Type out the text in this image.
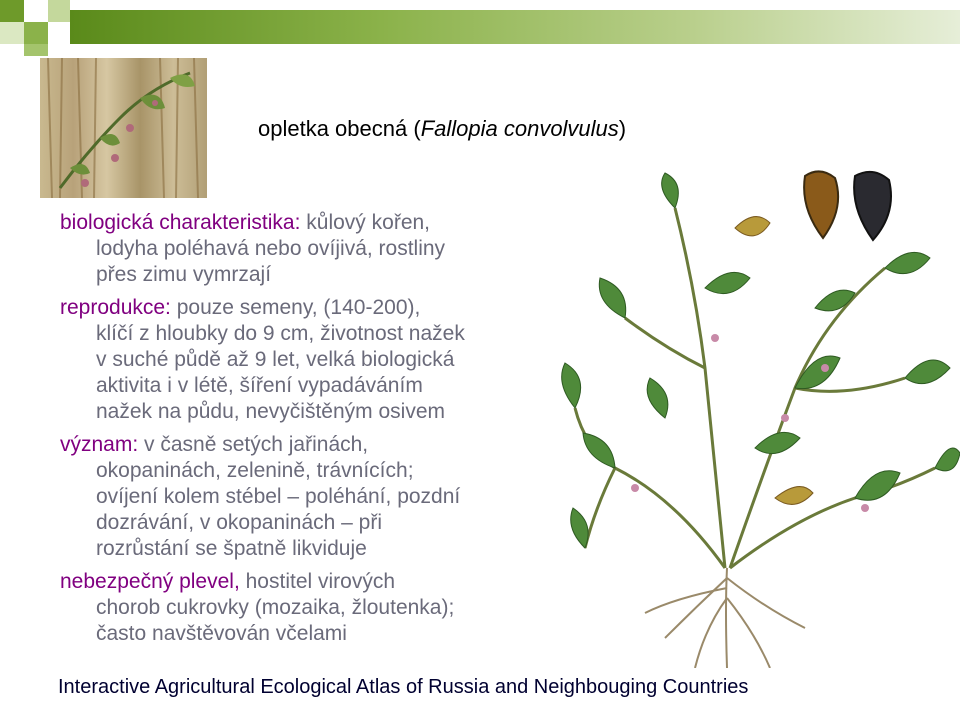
opletka obecná (Fallopia convolvulus)
biologická charakteristika: kůlový kořen,
lodyha poléhavá nebo ovíjivá, rostliny
přes zimu vymrzají
reprodukce: pouze semeny, (140-200),
klíčí z hloubky do 9 cm, životnost nažek
v suché půdě až 9 let, velká biologická
aktivita i v létě, šíření vypadáváním
nažek na půdu, nevyčištěným osivem
význam: v časně setých jařinách,
okopaninách, zelenině, trávnících;
ovíjení kolem stébel – poléhání, pozdní
dozrávání, v okopaninách – při
rozrůstání se špatně likviduje
nebezpečný plevel, hostitel virových
chorob cukrovky (mozaika, žloutenka);
často navštěvován včelami
Interactive Agricultural Ecological Atlas of Russia and Neighbouging Countries
